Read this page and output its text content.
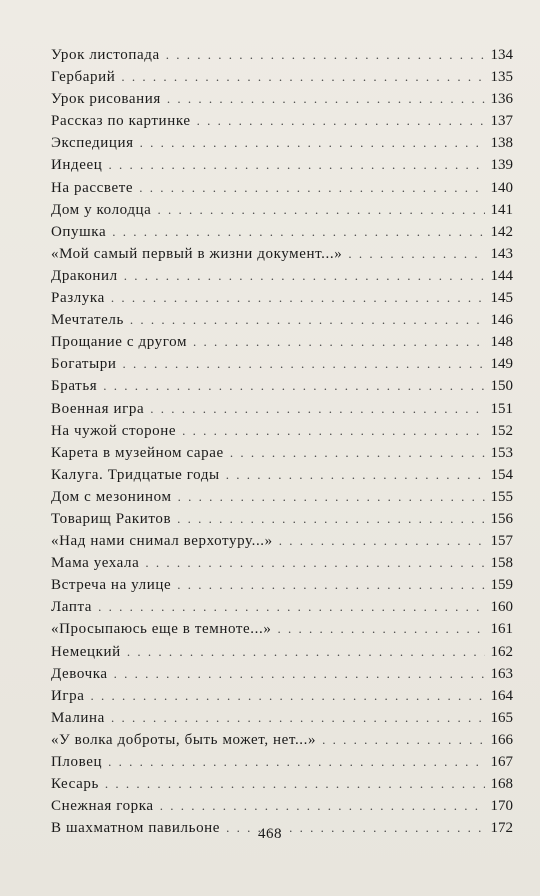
Урок листопада . . .	134
Гербарий . . .	135
Урок рисования . . .	136
Рассказ по картинке . . .	137
Экспедиция . . .	138
Индеец . . .	139
На рассвете . . .	140
Дом у колодца . . .	141
Опушка . . .	142
«Мой самый первый в жизни документ...» . . .	143
Драконил . . .	144
Разлука . . .	145
Мечтатель . . .	146
Прощание с другом . . .	148
Богатыри . . .	149
Братья . . .	150
Военная игра . . .	151
На чужой стороне . . .	152
Карета в музейном сарае . . .	153
Калуга. Тридцатые годы . . .	154
Дом с мезонином . . .	155
Товарищ Ракитов . . .	156
«Над нами снимал верхотуру...» . . .	157
Мама уехала . . .	158
Встреча на улице . . .	159
Лапта . . .	160
«Просыпаюсь еще в темноте...» . . .	161
Немецкий . . .	162
Девочка . . .	163
Игра . . .	164
Малина . . .	165
«У волка доброты, быть может, нет...» . . .	166
Пловец . . .	167
Кесарь . . .	168
Снежная горка . . .	170
В шахматном павильоне . . .	172
468
